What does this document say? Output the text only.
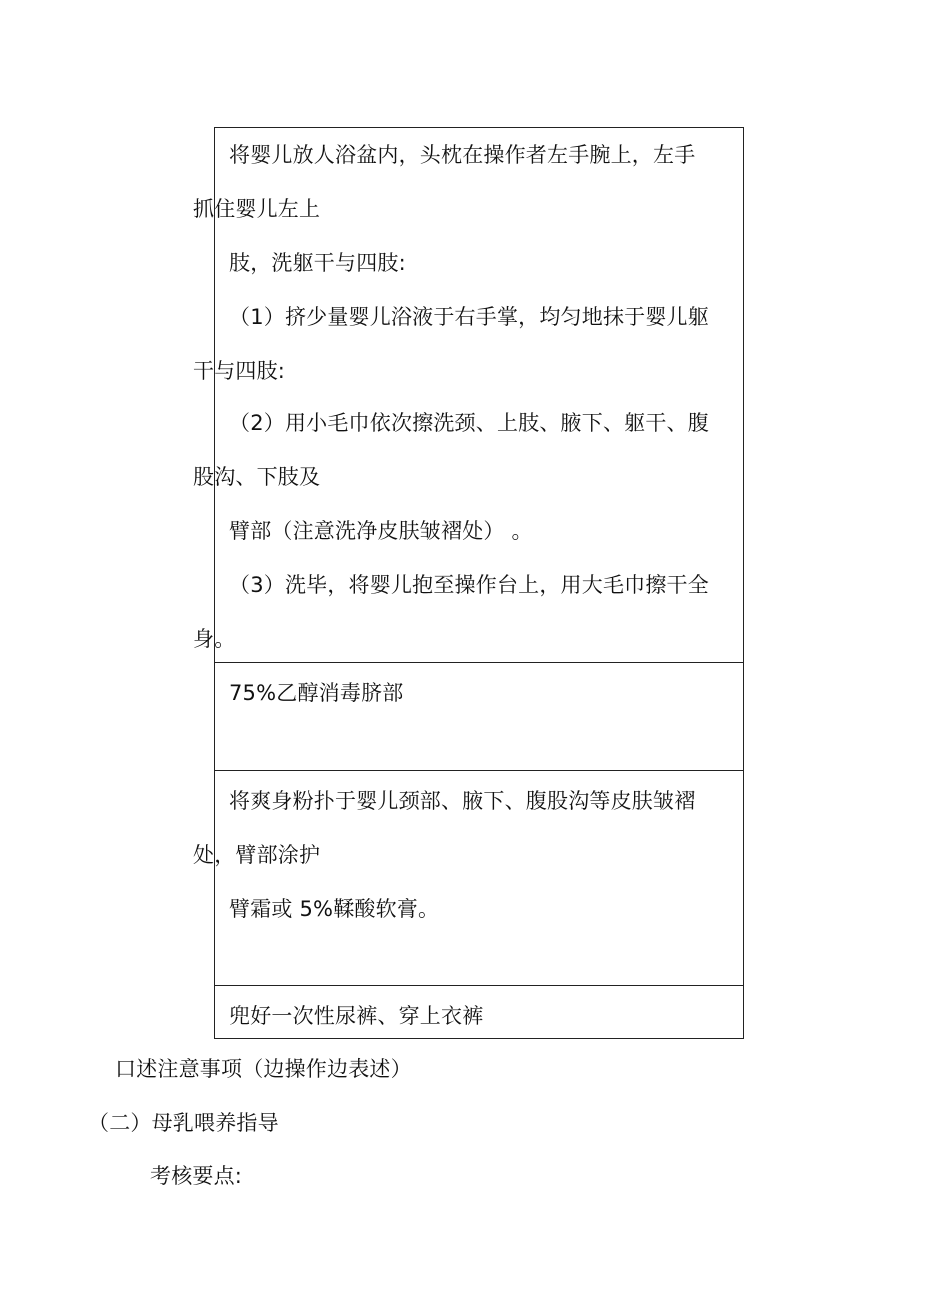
将婴儿放人浴盆内，头枕在操作者左手腕上，左手
抓住婴儿左上
肢，洗躯干与四肢:
（1）挤少量婴儿浴液于右手掌，均匀地抹于婴儿躯
干与四肢:
（2）用小毛巾依次擦洗颈、上肢、腋下、躯干、腹
股沟、下肢及
臂部（注意洗净皮肤皱褶处） 。
（3）洗毕，将婴儿抱至操作台上，用大毛巾擦干全
身。
75%乙醇消毒脐部
将爽身粉扑于婴儿颈部、腋下、腹股沟等皮肤皱褶
处，臂部涂护
臂霜或 5%鞣酸软膏。
兜好一次性尿裤、穿上衣裤
口述注意事项（边操作边表述）
（二）母乳喂养指导
考核要点:
